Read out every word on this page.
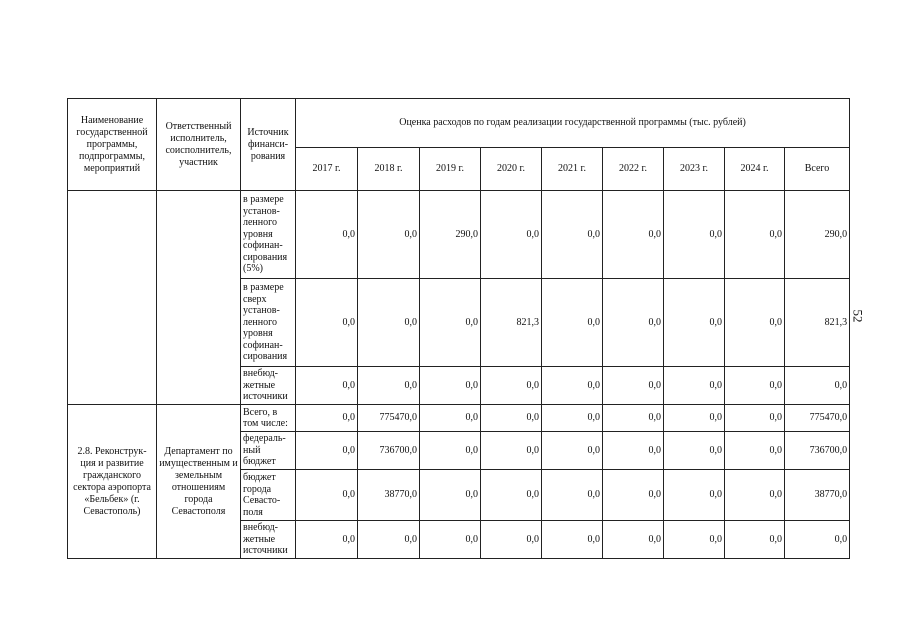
Наименование государственной программы, подпрограммы, мероприятий	Ответственный исполнитель, соисполнитель, участник	Источник финанси-рования	Оценка расходов по годам реализации государственной программы (тыс. рублей)								
			2017 г.	2018 г.	2019 г.	2020 г.	2021 г.	2022 г.	2023 г.	2024 г.	Всего
		в размере установ-ленного уровня софинан-сирования (5%)	0,0	0,0	290,0	0,0	0,0	0,0	0,0	0,0	290,0
		в размере сверх установ-ленного уровня софинан-сирования	0,0	0,0	0,0	821,3	0,0	0,0	0,0	0,0	821,3
		внебюд-жетные источники	0,0	0,0	0,0	0,0	0,0	0,0	0,0	0,0	0,0
2.8. Реконструк-ция и развитие гражданского сектора аэропорта «Бельбек» (г. Севастополь)	Департамент по имущественным и земельным отношениям города Севастополя	Всего, в том числе:	0,0	775470,0	0,0	0,0	0,0	0,0	0,0	0,0	775470,0
		федераль-ный бюджет	0,0	736700,0	0,0	0,0	0,0	0,0	0,0	0,0	736700,0
		бюджет города Севасто-поля	0,0	38770,0	0,0	0,0	0,0	0,0	0,0	0,0	38770,0
		внебюд-жетные источники	0,0	0,0	0,0	0,0	0,0	0,0	0,0	0,0	0,0
52
